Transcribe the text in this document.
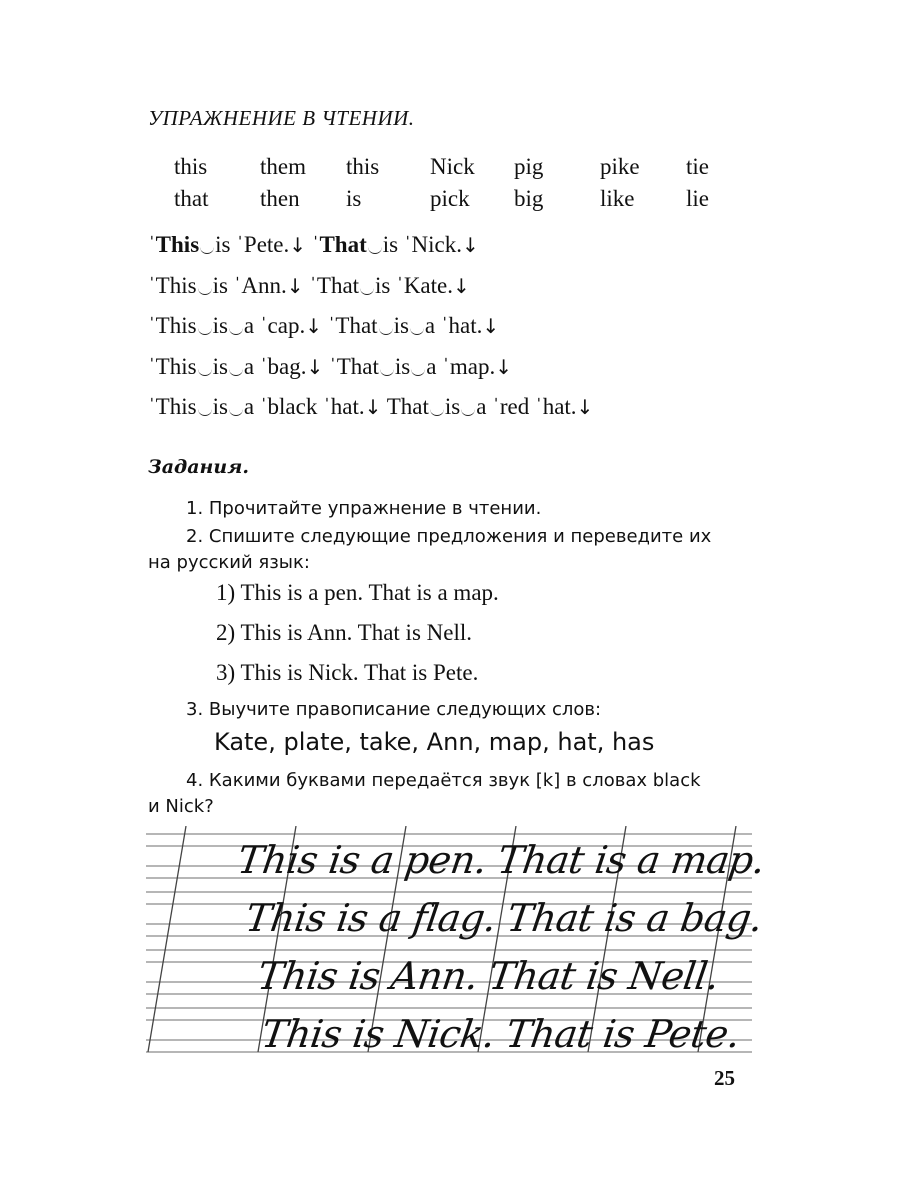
УПРАЖНЕНИЕ В ЧТЕНИИ.
this them this Nick pig pike tie
that then is	pick big like lie
ˈThis is ˈPete.↓ ˈThat is ˈNick.↓
ˈThis is ˈAnn.↓ ˈThat is ˈKate.↓
ˈThis is a ˈcap.↓ ˈThat is a ˈhat.↓
ˈThis is a ˈbag.↓ ˈThat is a ˈmap.↓
ˈThis is a ˈblack ˈhat.↓ That is a ˈred ˈhat.↓
Задания.
1. Прочитайте упражнение в чтении.
2. Спишите следующие предложения и переведите их
на русский язык:
1) This is a pen. That is a map.
2) This is Ann. That is Nell.
3) This is Nick. That is Pete.
3. Выучите правописание следующих слов:
Kate, plate, take, Ann, map, hat, has
4. Какими буквами передаётся звук [k] в словах black
и Nick?
This is a pen. That is a map.
This is a flag. That is a bag.
This is Ann. That is Nell.
This is Nick. That is Pete.
25
